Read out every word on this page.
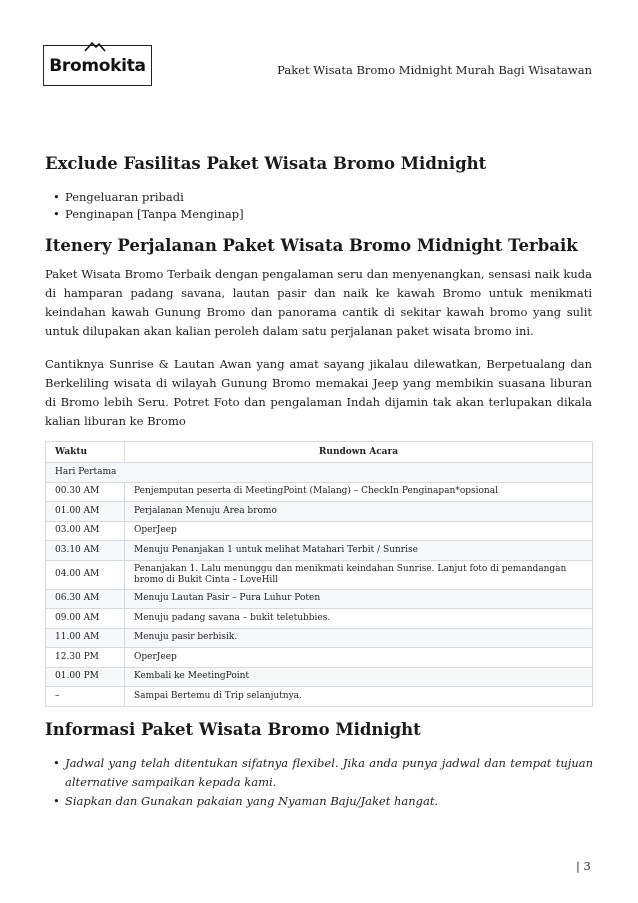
Bromokita	Paket Wisata Bromo Midnight Murah Bagi Wisatawan
Exclude Fasilitas Paket Wisata Bromo Midnight
• Pengeluaran pribadi
• Penginapan [Tanpa Menginap]
Itenery Perjalanan Paket Wisata Bromo Midnight Terbaik

Paket Wisata Bromo Terbaik dengan pengalaman seru dan menyenangkan, sensasi naik kuda di hamparan padang savana, lautan pasir dan naik ke kawah Bromo untuk menikmati keindahan kawah Gunung Bromo dan panorama cantik di sekitar kawah bromo yang sulit untuk dilupakan akan kalian peroleh dalam satu perjalanan paket wisata bromo ini.

Cantiknya Sunrise & Lautan Awan yang amat sayang jikalau dilewatkan, Berpetualang dan Berkeliling wisata di wilayah Gunung Bromo memakai Jeep yang membikin suasana liburan di Bromo lebih Seru. Potret Foto dan pengalaman Indah dijamin tak akan terlupakan dikala kalian liburan ke Bromo

Waktu	Rundown Acara
Hari Pertama	
00.30 AM	Penjemputan peserta di MeetingPoint (Malang) – CheckIn Penginapan*opsional
01.00 AM	Perjalanan Menuju Area bromo
03.00 AM	OperJeep
03.10 AM	Menuju Penanjakan 1 untuk melihat Matahari Terbit / Sunrise
04.00 AM	Penanjakan 1. Lalu menunggu dan menikmati keindahan Sunrise. Lanjut foto di pemandangan bromo di Bukit Cinta – LoveHill
06.30 AM	Menuju Lautan Pasir – Pura Luhur Poten
09.00 AM	Menuju padang savana – bukit teletubbies.
11.00 AM	Menuju pasir berbisik.
12.30 PM	OperJeep
01.00 PM	Kembali ke MeetingPoint
–	Sampai Bertemu di Trip selanjutnya.
Informasi Paket Wisata Bromo Midnight
• Jadwal yang telah ditentukan sifatnya flexibel. Jika anda punya jadwal dan tempat tujuan alternative sampaikan kepada kami.
• Siapkan dan Gunakan pakaian yang Nyaman Baju/Jaket hangat.
| 3
